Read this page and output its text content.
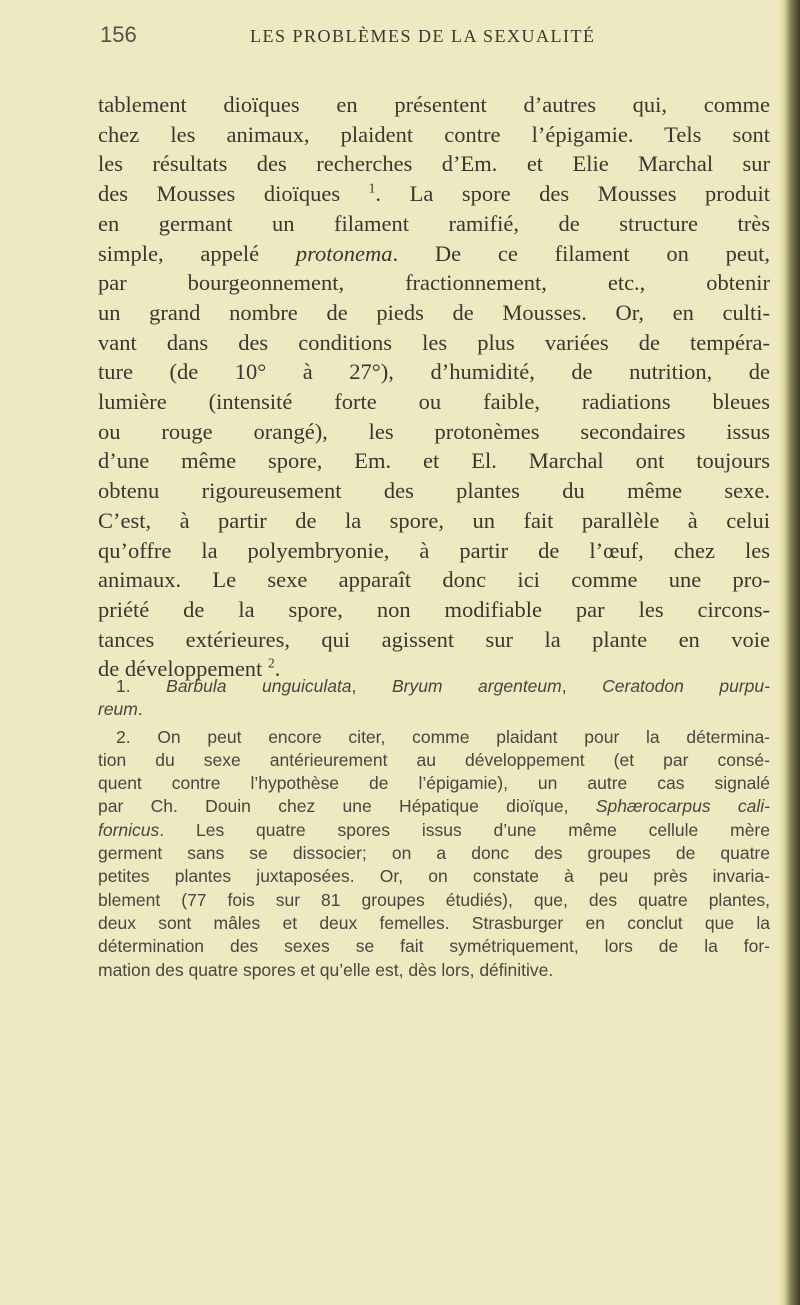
156	LES PROBLÈMES DE LA SEXUALITÉ
tablement dioïques en présentent d’autres qui, comme
chez les animaux, plaident contre l’épigamie. Tels sont
les résultats des recherches d’Em. et Elie Marchal sur
des Mousses dioïques $^1$. La spore des Mousses produit
en germant un filament ramifié, de structure très
simple, appelé protonema. De ce filament on peut,
par bourgeonnement, fractionnement, etc., obtenir
un grand nombre de pieds de Mousses. Or, en culti-
vant dans des conditions les plus variées de tempéra-
ture (de 10° à 27°), d’humidité, de nutrition, de
lumière (intensité forte ou faible, radiations bleues
ou rouge orangé), les protonèmes secondaires issus
d’une même spore, Em. et El. Marchal ont toujours
obtenu rigoureusement des plantes du même sexe.
C’est, à partir de la spore, un fait parallèle à celui
qu’offre la polyembryonie, à partir de l’œuf, chez les
animaux. Le sexe apparaît donc ici comme une pro-
priété de la spore, non modifiable par les circons-
tances extérieures, qui agissent sur la plante en voie
de développement $^2$.
1. Barbula unguiculata, Bryum argenteum, Ceratodon purpu-
reum.
2. On peut encore citer, comme plaidant pour la détermina-
tion du sexe antérieurement au développement (et par consé-
quent contre l’hypothèse de l’épigamie), un autre cas signalé
par Ch. Douin chez une Hépatique dioïque, Sphærocarpus cali-
fornicus. Les quatre spores issus d’une même cellule mère
germent sans se dissocier; on a donc des groupes de quatre
petites plantes juxtaposées. Or, on constate à peu près invaria-
blement (77 fois sur 81 groupes étudiés), que, des quatre plantes,
deux sont mâles et deux femelles. Strasburger en conclut que la
détermination des sexes se fait symétriquement, lors de la for-
mation des quatre spores et qu’elle est, dès lors, définitive.
